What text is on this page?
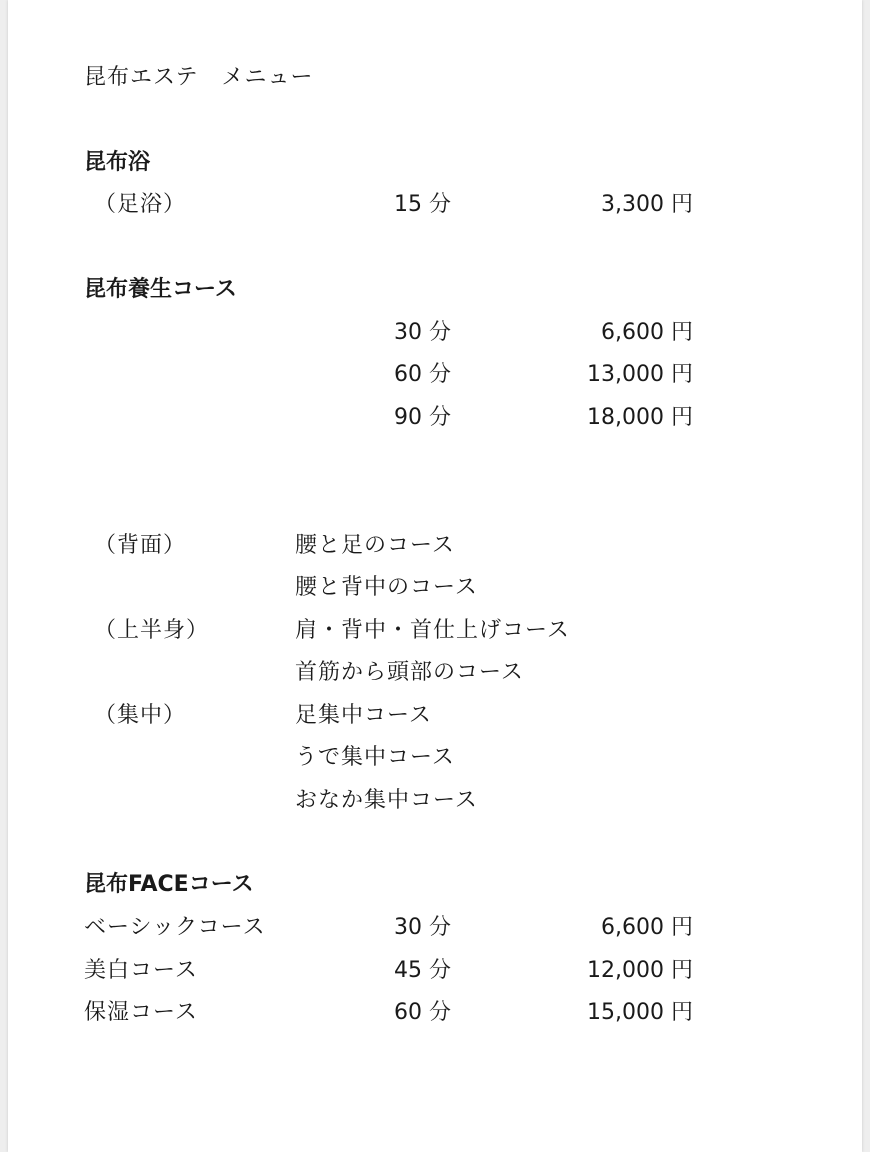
昆布エステ　メニュー
昆布浴
（足浴）	15 分	3,300 円
昆布養生コース
30 分	6,600 円
60 分	13,000 円
90 分	18,000 円
（背面）	腰と足のコース
腰と背中のコース
（上半身）	肩・背中・首仕上げコース
首筋から頭部のコース
（集中）	足集中コース
うで集中コース
おなか集中コース
昆布FACEコース
ベーシックコース	30 分	6,600 円
美白コース	45 分	12,000 円
保湿コース	60 分	15,000 円
